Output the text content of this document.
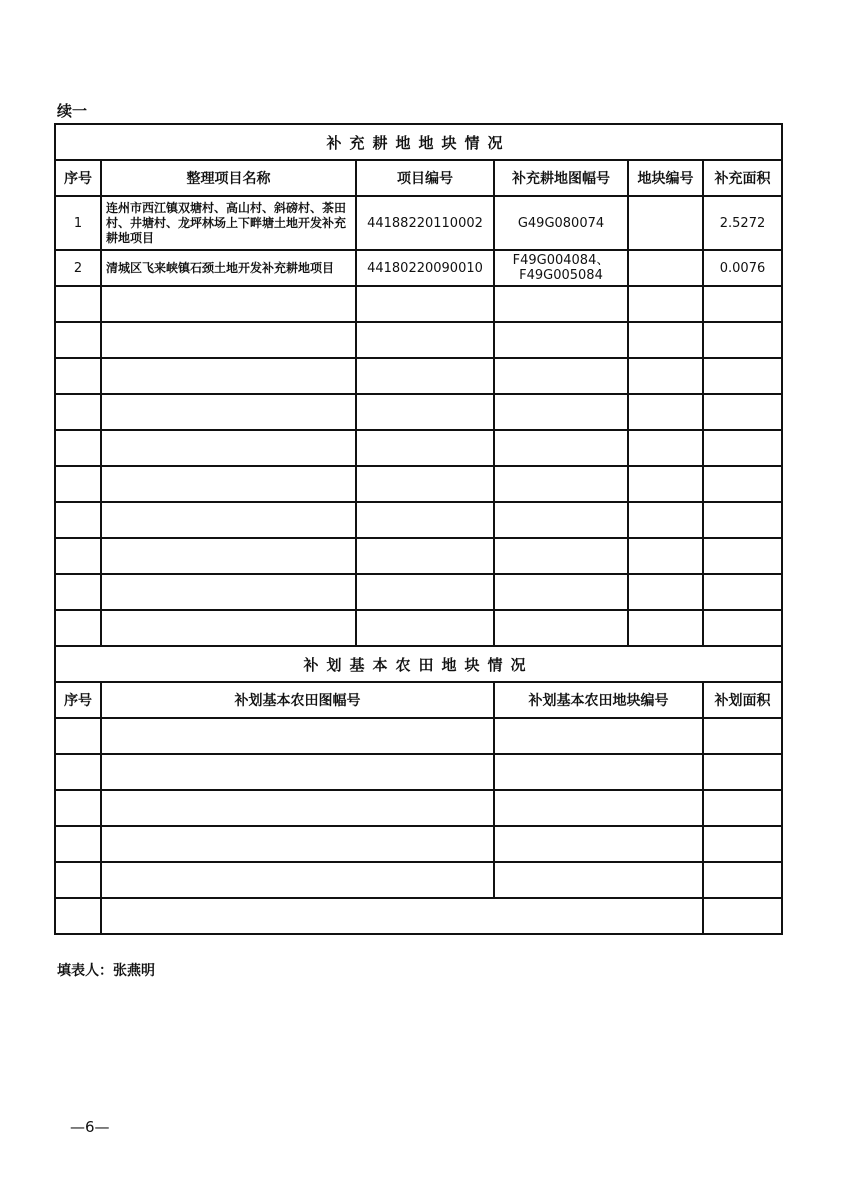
续一
补充耕地地块情况					
序号	整理项目名称	项目编号	补充耕地图幅号	地块编号	补充面积
1	连州市西江镇双塘村、高山村、斜磅村、茶田村、井塘村、龙坪林场上下畔塘土地开发补充耕地项目	44188220110002	G49G080074		2.5272
2	清城区飞来峡镇石颈土地开发补充耕地项目	44180220090010	F49G004084、F49G005084		0.0076

补划基本农田地块情况					
序号	补划基本农田图幅号		补划基本农田地块编号		补划面积

填表人：张燕明
—6—
